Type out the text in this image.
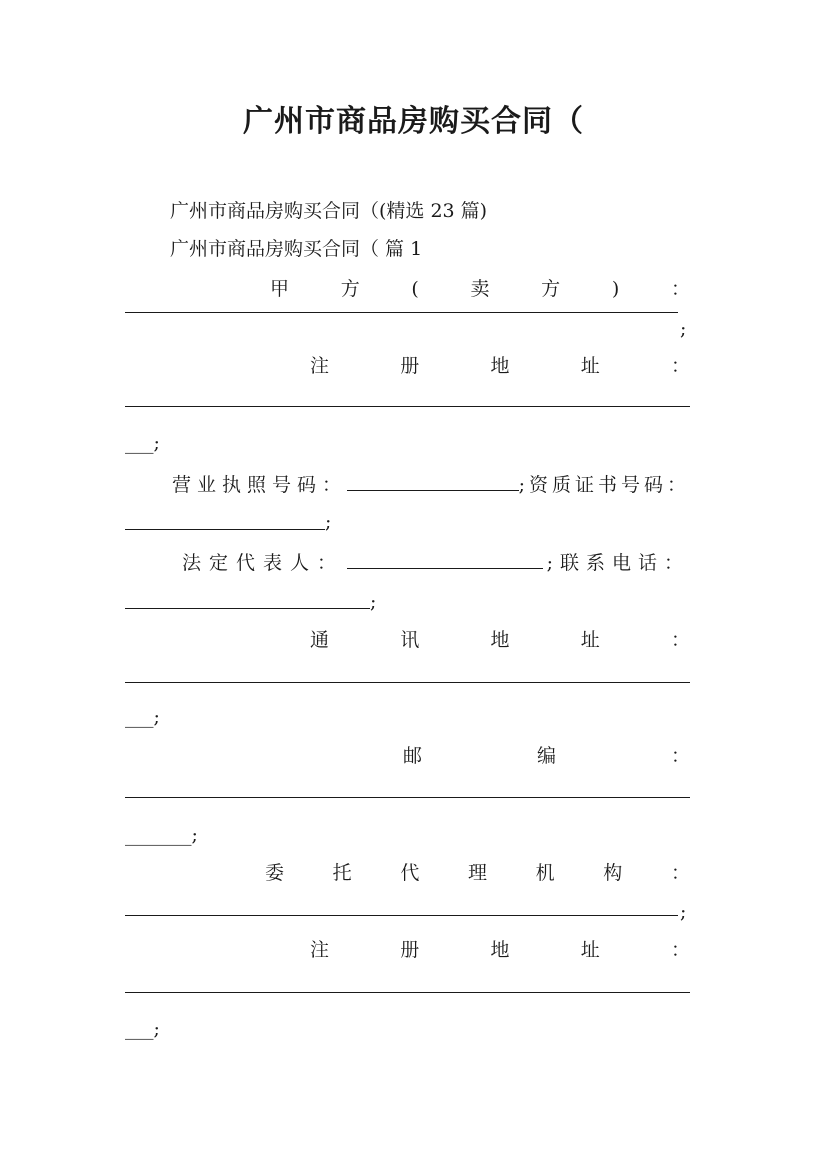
广州市商品房购买合同（
广州市商品房购买合同（(精选 23 篇)
广州市商品房购买合同（ 篇 1
甲	方	(	卖	方	)	：
;
注	册	地	址	：
___;
营业执照号码：	;资质证书号码：
;
法定代表人：	;联系电话：
;
通	讯	地	址	：
___;
邮	编	：
_______;
委	托	代	理	机	构	：
;
注	册	地	址	：
___;
